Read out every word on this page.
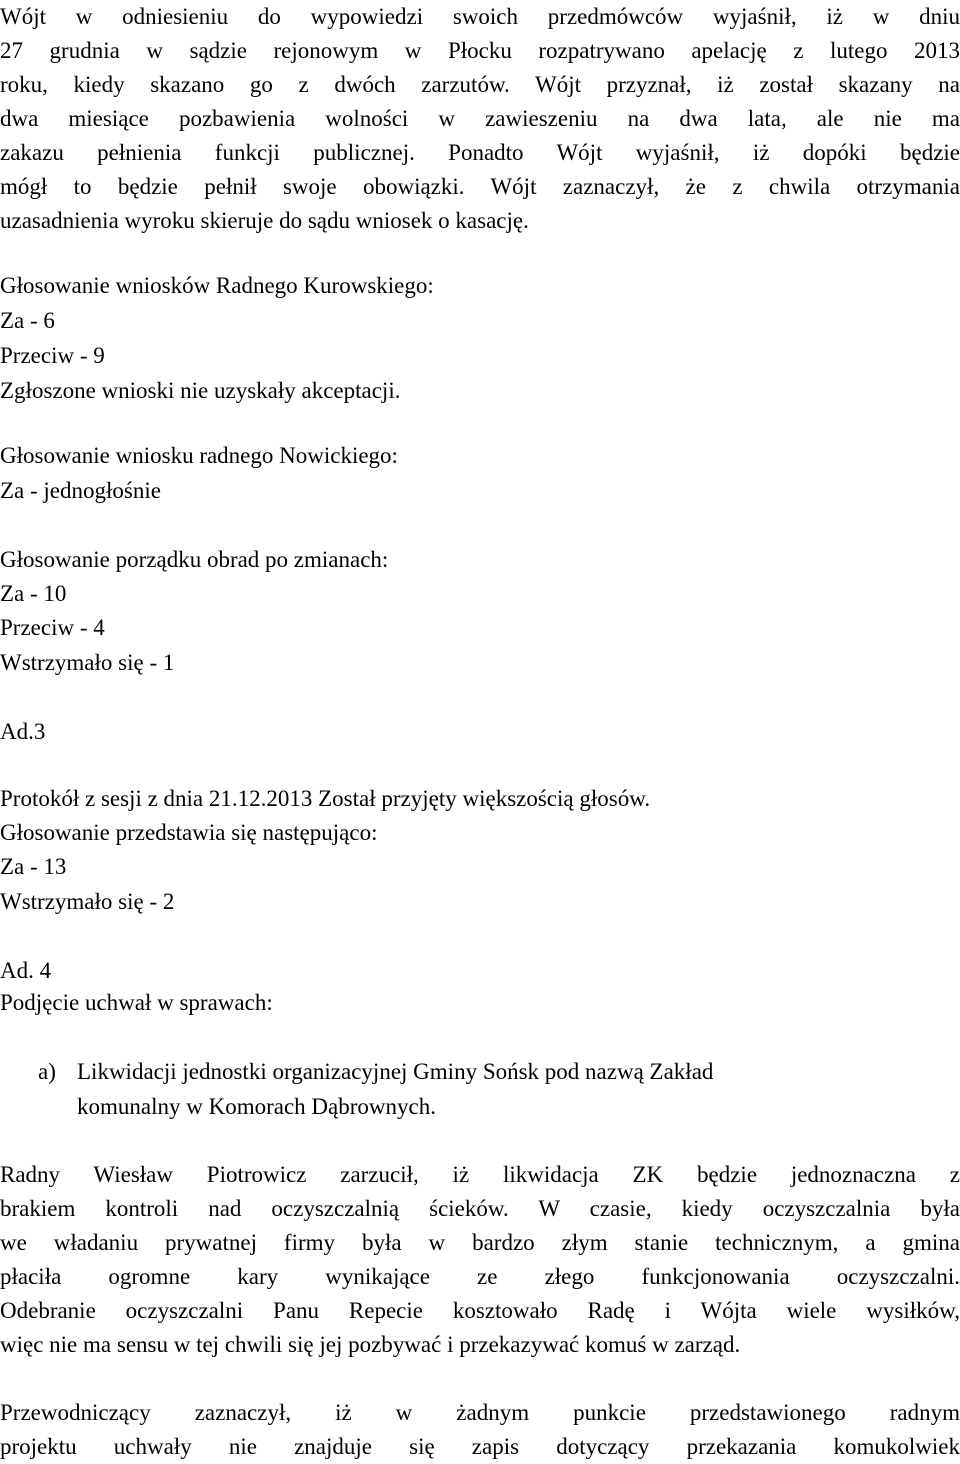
Wójt w odniesieniu do wypowiedzi swoich przedmówców wyjaśnił, iż w dniu

27 grudnia w sądzie rejonowym w Płocku rozpatrywano apelację z lutego 2013

roku, kiedy skazano go z dwóch zarzutów. Wójt przyznał, iż został skazany na

dwa miesiące pozbawienia wolności w zawieszeniu na dwa lata, ale nie ma

zakazu pełnienia funkcji publicznej. Ponadto Wójt wyjaśnił, iż dopóki będzie

mógł to będzie pełnił swoje obowiązki. Wójt zaznaczył, że z chwila otrzymania

uzasadnienia wyroku skieruje do sądu wniosek o kasację.

Głosowanie wniosków Radnego Kurowskiego:

Za - 6

Przeciw - 9

Zgłoszone wnioski nie uzyskały akceptacji.

Głosowanie wniosku radnego Nowickiego:

Za - jednogłośnie

Głosowanie porządku obrad po zmianach:

Za - 10

Przeciw - 4

Wstrzymało się - 1

Ad.3

Protokół z sesji z dnia 21.12.2013 Został przyjęty większością głosów.

Głosowanie przedstawia się następująco:

Za - 13

Wstrzymało się - 2

Ad. 4

Podjęcie uchwał w sprawach:

a) Likwidacji jednostki organizacyjnej Gminy Sońsk pod nazwą Zakład
komunalny w Komorach Dąbrownych.

Radny Wiesław Piotrowicz zarzucił, iż likwidacja ZK będzie jednoznaczna z

brakiem kontroli nad oczyszczalnią ścieków. W czasie, kiedy oczyszczalnia była

we władaniu prywatnej firmy była w bardzo złym stanie technicznym, a gmina

płaciła ogromne kary wynikające ze złego funkcjonowania oczyszczalni.

Odebranie oczyszczalni Panu Repecie kosztowało Radę i Wójta wiele wysiłków,

więc nie ma sensu w tej chwili się jej pozbywać i przekazywać komuś w zarząd.

Przewodniczący zaznaczył, iż w żadnym punkcie przedstawionego radnym

projektu uchwały nie znajduje się zapis dotyczący przekazania komukolwiek
